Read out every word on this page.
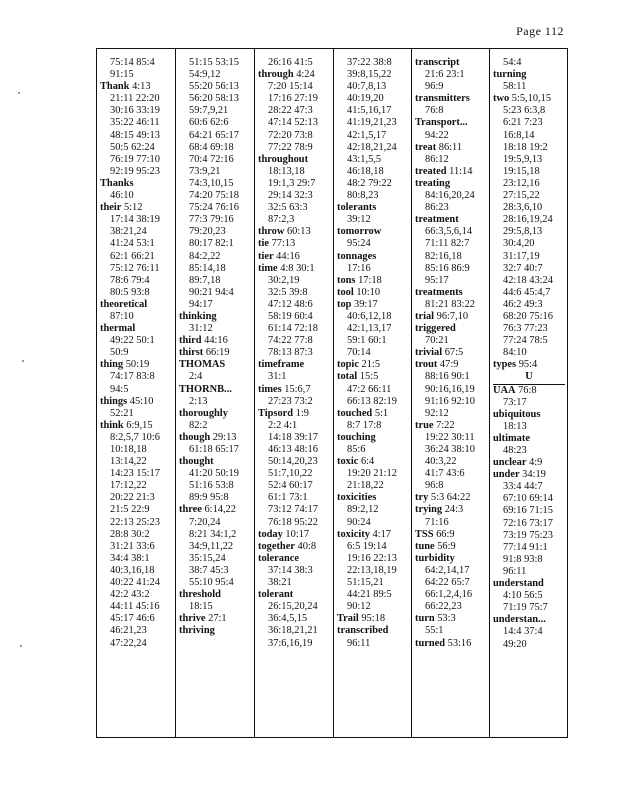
Page 112
75:14 85:4
91:15
Thank 4:13
21:11 22:20
30:16 33:19
35:22 46:11
48:15 49:13
50:5 62:24
76:19 77:10
92:19 95:23
Thanks
46:10
their 5:12
17:14 38:19
38:21,24
41:24 53:1
62:1 66:21
75:12 76:11
78:6 79:4
80:5 93:8
theoretical
87:10
thermal
49:22 50:1
50:9
thing 50:19
74:17 83:8
94:5
things 45:10
52:21
think 6:9,15
8:2,5,7 10:6
10:18,18
13:14,22
14:23 15:17
17:12,22
20:22 21:3
21:5 22:9
22:13 25:23
28:8 30:2
31:21 33:6
34:4 38:1
40:3,16,18
40:22 41:24
42:2 43:2
44:11 45:16
45:17 46:6
46:21,23
47:22,24
51:15 53:15
54:9,12
55:20 56:13
56:20 58:13
59:7,9,21
60:6 62:6
64:21 65:17
68:4 69:18
70:4 72:16
73:9,21
74:3,10,15
74:20 75:18
75:24 76:16
77:3 79:16
79:20,23
80:17 82:1
84:2,22
85:14,18
89:7,18
90:21 94:4
94:17
thinking
31:12
third 44:16
thirst 66:19
THOMAS
2:4
THORNB...
2:13
thoroughly
82:2
though 29:13
61:18 65:17
thought
41:20 50:19
51:16 53:8
89:9 95:8
three 6:14,22
7:20,24
8:21 34:1,2
34:9,11,22
35:15,24
38:7 45:3
55:10 95:4
threshold
18:15
thrive 27:1
thriving
26:16 41:5
through 4:24
7:20 15:14
17:16 27:19
28:22 47:3
47:14 52:13
72:20 73:8
77:22 78:9
throughout
18:13,18
19:1,3 29:7
29:14 32:3
32:5 63:3
87:2,3
throw 60:13
tie 77:13
tier 44:16
time 4:8 30:1
30:2,19
32:5 39:8
47:12 48:6
58:19 60:4
61:14 72:18
74:22 77:8
78:13 87:3
timeframe
31:1
times 15:6,7
27:23 73:2
Tipsord 1:9
2:2 4:1
14:18 39:17
46:13 48:16
50:14,20,23
51:7,10,22
52:4 60:17
61:1 73:1
73:12 74:17
76:18 95:22
today 10:17
together 40:8
tolerance
37:14 38:3
38:21
tolerant
26:15,20,24
36:4,5,15
36:18,21,21
37:6,16,19
37:22 38:8
39:8,15,22
40:7,8,13
40:19,20
41:5,16,17
41:19,21,23
42:1,5,17
42:18,21,24
43:1,5,5
46:18,18
48:2 79:22
80:8,23
tolerants
39:12
tomorrow
95:24
tonnages
17:16
tons 17:18
tool 10:10
top 39:17
40:6,12,18
42:1,13,17
59:1 60:1
70:14
topic 21:5
total 15:5
47:2 66:11
66:13 82:19
touched 5:1
8:7 17:8
touching
85:6
toxic 6:4
19:20 21:12
21:18,22
toxicities
89:2,12
90:24
toxicity 4:17
6:5 19:14
19:16 22:13
22:13,18,19
51:15,21
44:21 89:5
90:12
Trail 95:18
transcribed
96:11
transcript
21:6 23:1
96:9
transmitters
76:8
Transport...
94:22
treat 86:11
86:12
treated 11:14
treating
84:16,20,24
86:23
treatment
66:3,5,6,14
71:11 82:7
82:16,18
85:16 86:9
95:17
treatments
81:21 83:22
trial 96:7,10
triggered
70:21
trivial 67:5
trout 47:9
88:16 90:1
90:16,16,19
91:16 92:10
92:12
true 7:22
19:22 30:11
36:24 38:10
40:3,22
41:7 43:6
96:8
try 5:3 64:22
trying 24:3
71:16
TSS 66:9
tune 56:9
turbidity
64:2,14,17
64:22 65:7
66:1,2,4,16
66:22,23
turn 53:3
55:1
turned 53:16
54:4
turning
58:11
two 5:5,10,15
5:23 6:3,8
6:21 7:23
16:8,14
18:18 19:2
19:5,9,13
19:15,18
23:12,16
27:15,22
28:3,6,10
28:16,19,24
29:5,8,13
30:4,20
31:17,19
32:7 40:7
42:18 43:24
44:6 45:4,7
46:2 49:3
68:20 75:16
76:3 77:23
77:24 78:5
84:10
types 95:4
U
UAA 76:8
73:17
ubiquitous
18:13
ultimate
48:23
unclear 4:9
under 34:19
33:4 44:7
67:10 69:14
69:16 71:15
72:16 73:17
73:19 75:23
77:14 91:1
91:8 93:8
96:11
understand
4:10 56:5
71:19 75:7
understan...
14:4 37:4
49:20
